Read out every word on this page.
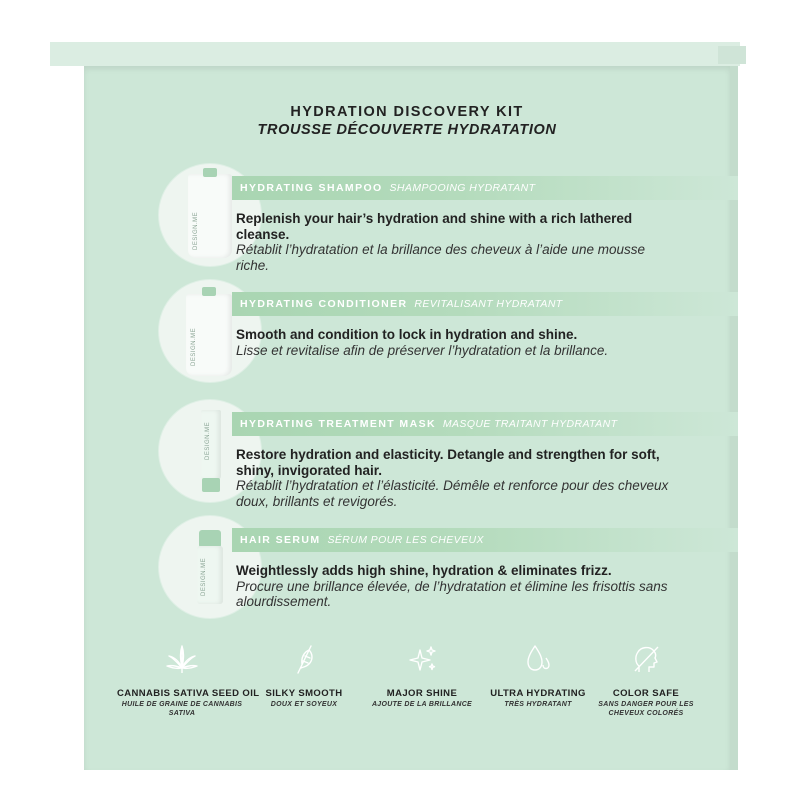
HYDRATION DISCOVERY KIT
TROUSSE DÉCOUVERTE HYDRATATION
DESIGN.ME
HYDRATING SHAMPOO SHAMPOOING HYDRATANT
Replenish your hair’s hydration and shine with a rich lathered cleanse.
Rétablit l’hydratation et la brillance des cheveux à l’aide une mousse riche.
DESIGN.ME
HYDRATING CONDITIONER REVITALISANT HYDRATANT
Smooth and condition to lock in hydration and shine.
Lisse et revitalise afin de préserver l’hydratation et la brillance.
DESIGN.ME	HYDRATING TREATMENT MASK MASQUE TRAITANT HYDRATANT
Restore hydration and elasticity. Detangle and strengthen for soft, shiny, invigorated hair.
Rétablit l’hydratation et l’élasticité. Démêle et renforce pour des cheveux doux, brillants et revigorés.
DESIGN.ME
HAIR SERUM SÉRUM POUR LES CHEVEUX
Weightlessly adds high shine, hydration & eliminates frizz.
Procure une brillance élevée, de l’hydratation et élimine les frisottis sans alourdissement.
CANNABIS SATIVA SEED OIL
HUILE DE GRAINE DE CANNABIS SATIVA
SILKY SMOOTH
DOUX ET SOYEUX
MAJOR SHINE
AJOUTE DE LA BRILLANCE
ULTRA HYDRATING
TRÈS HYDRATANT
COLOR SAFE
SANS DANGER POUR LES CHEVEUX COLORÉS
